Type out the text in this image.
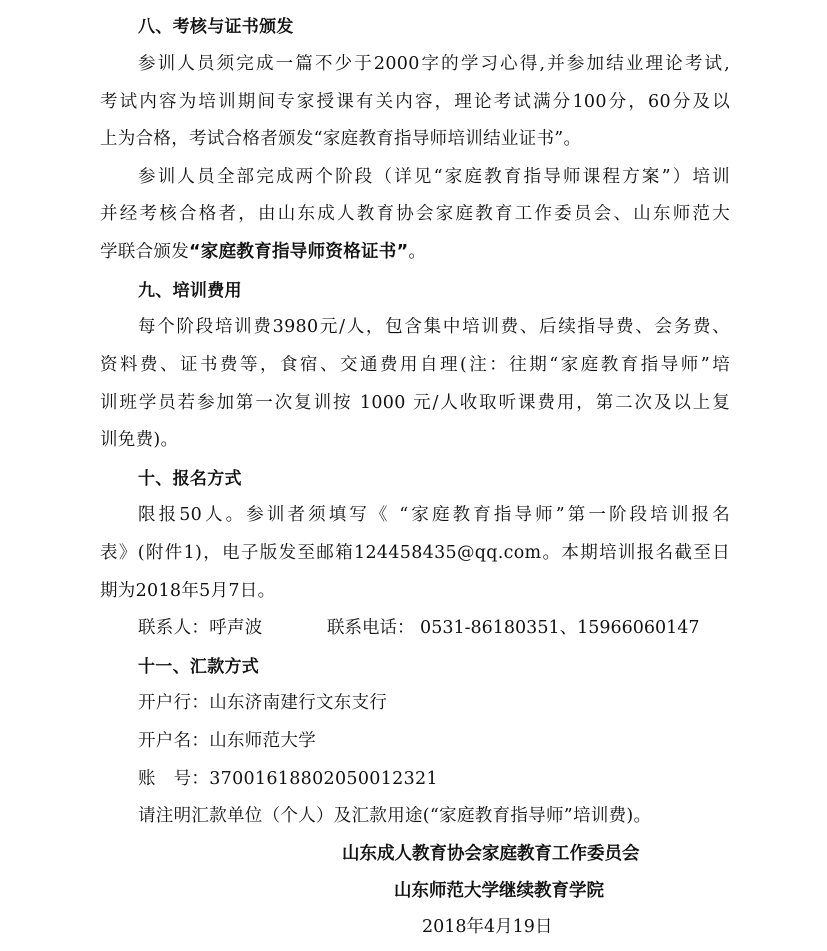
八、考核与证书颁发
参训人员须完成一篇不少于2000字的学习心得,并参加结业理论考试,
考试内容为培训期间专家授课有关内容，理论考试满分100分，60分及以
上为合格，考试合格者颁发“家庭教育指导师培训结业证书”。
参训人员全部完成两个阶段（详见“家庭教育指导师课程方案”）培训
并经考核合格者，由山东成人教育协会家庭教育工作委员会、山东师范大
学联合颁发“家庭教育指导师资格证书”。
九、培训费用
每个阶段培训费3980元/人，包含集中培训费、后续指导费、会务费、
资料费、证书费等，食宿、交通费用自理(注：往期“家庭教育指导师”培
训班学员若参加第一次复训按 1000 元/人收取听课费用，第二次及以上复
训免费)。
十、报名方式
限报50人。参训者须填写《 “家庭教育指导师”第一阶段培训报名
表》(附件1)，电子版发至邮箱124458435@qq.com。本期培训报名截至日
期为2018年5月7日。
联系人：呼声波	联系电话： 0531-86180351、15966060147
十一、汇款方式
开户行：山东济南建行文东支行
开户名：山东师范大学
账　号：37001618802050012321
请注明汇款单位（个人）及汇款用途(“家庭教育指导师”培训费)。
山东成人教育协会家庭教育工作委员会
山东师范大学继续教育学院
2018年4月19日
